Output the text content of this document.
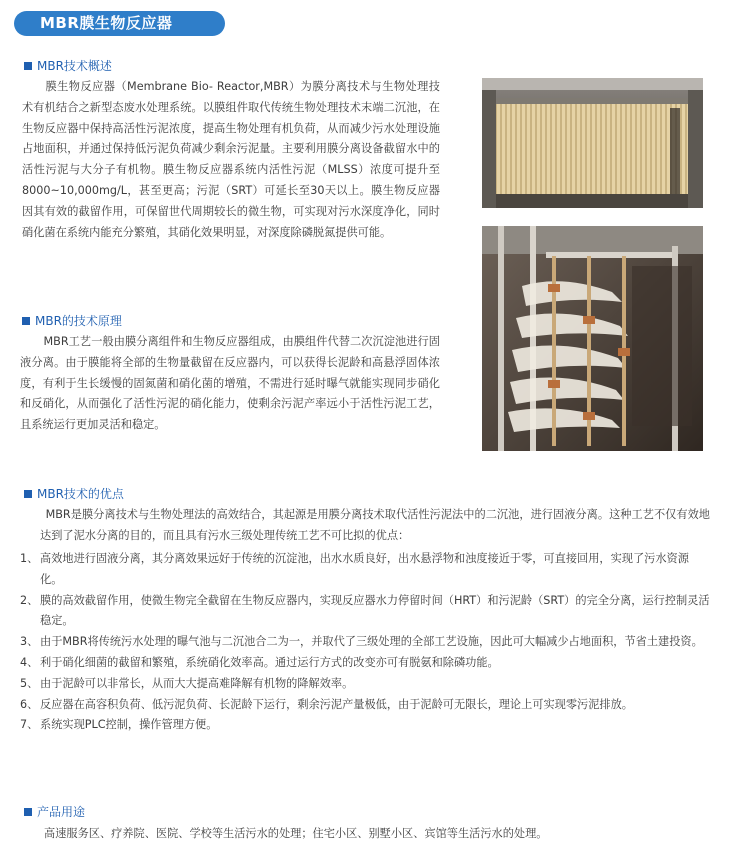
MBR膜生物反应器
MBR技术概述

膜生物反应器（Membrane Bio- Reactor,MBR）为膜分离技术与生物处理技术有机结合之新型态废水处理系统。以膜组件取代传统生物处理技术末端二沉池，在生物反应器中保持高活性污泥浓度，提高生物处理有机负荷，从而减少污水处理设施占地面积，并通过保持低污泥负荷减少剩余污泥量。主要利用膜分离设备截留水中的活性污泥与大分子有机物。膜生物反应器系统内活性污泥（MLSS）浓度可提升至8000~10,000mg/L，甚至更高；污泥（SRT）可延长至30天以上。膜生物反应器因其有效的截留作用，可保留世代周期较长的微生物，可实现对污水深度净化，同时硝化菌在系统内能充分繁殖，其硝化效果明显，对深度除磷脱氮提供可能。

MBR的技术原理

MBR工艺一般由膜分离组件和生物反应器组成，由膜组件代替二次沉淀池进行固液分离。由于膜能将全部的生物量截留在反应器内，可以获得长泥龄和高悬浮固体浓度，有利于生长缓慢的固氮菌和硝化菌的增殖，不需进行延时曝气就能实现同步硝化和反硝化，从而强化了活性污泥的硝化能力，使剩余污泥产率远小于活性污泥工艺，且系统运行更加灵活和稳定。

MBR技术的优点

MBR是膜分离技术与生物处理法的高效结合，其起源是用膜分离技术取代活性污泥法中的二沉池，进行固液分离。这种工艺不仅有效地达到了泥水分离的目的，而且具有污水三级处理传统工艺不可比拟的优点：

1、 高效地进行固液分离，其分离效果远好于传统的沉淀池，出水水质良好，出水悬浮物和浊度接近于零，可直接回用，实现了污水资源化。
2、 膜的高效截留作用，使微生物完全截留在生物反应器内，实现反应器水力停留时间（HRT）和污泥龄（SRT）的完全分离，运行控制灵活稳定。
3、 由于MBR将传统污水处理的曝气池与二沉池合二为一，并取代了三级处理的全部工艺设施，因此可大幅减少占地面积，节省土建投资。
4、 利于硝化细菌的截留和繁殖，系统硝化效率高。通过运行方式的改变亦可有脱氨和除磷功能。
5、 由于泥龄可以非常长，从而大大提高难降解有机物的降解效率。
6、 反应器在高容积负荷、低污泥负荷、长泥龄下运行，剩余污泥产量极低，由于泥龄可无限长，理论上可实现零污泥排放。
7、 系统实现PLC控制，操作管理方便。
产品用途

高速服务区、疗养院、医院、学校等生活污水的处理；住宅小区、别墅小区、宾馆等生活污水的处理。
